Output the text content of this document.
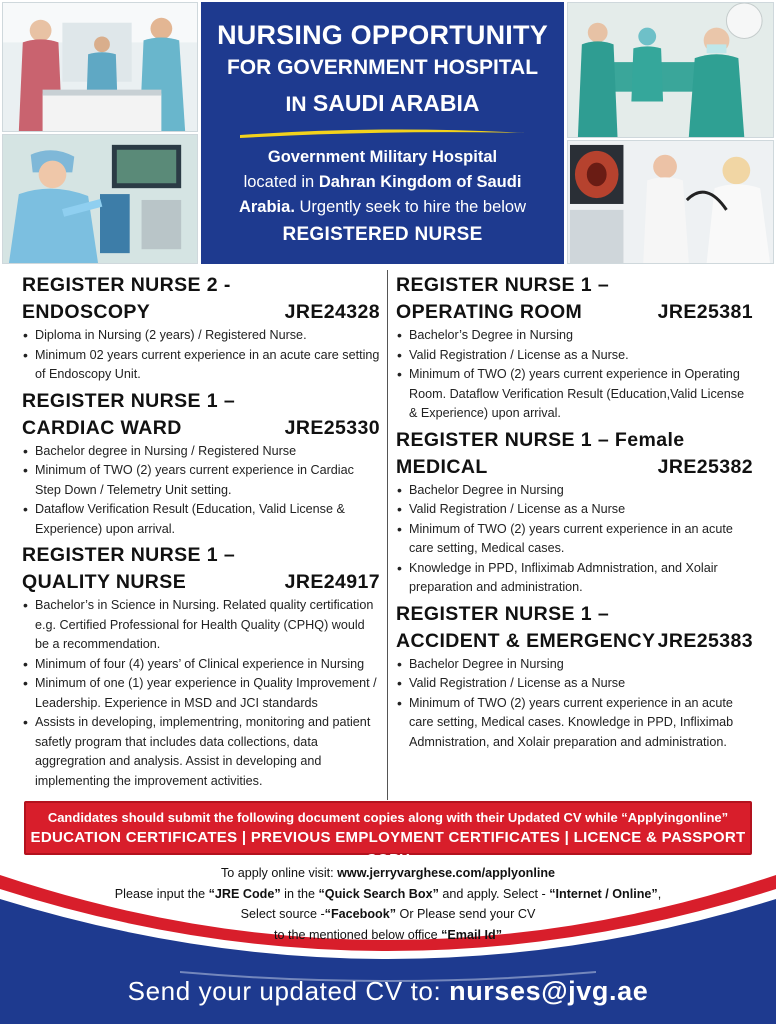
NURSING OPPORTUNITY
FOR GOVERNMENT HOSPITAL
IN SAUDI ARABIA
Government Military Hospital
located in Dahran Kingdom of Saudi
Arabia. Urgently seek to hire the below
REGISTERED NURSE
REGISTER NURSE 2 -
ENDOSCOPY	JRE24328
• Diploma in Nursing (2 years) / Registered Nurse.
• Minimum 02 years current experience in an acute care setting of Endoscopy Unit.
REGISTER NURSE 1 –
CARDIAC WARD	JRE25330
• Bachelor degree in Nursing / Registered Nurse
• Minimum of TWO (2) years current experience in Cardiac Step Down / Telemetry Unit setting.
• Dataflow Verification Result (Education, Valid License & Experience) upon arrival.
REGISTER NURSE 1 –
QUALITY NURSE	JRE24917
• Bachelor’s in Science in Nursing. Related quality certification e.g. Certified Professional for Health Quality (CPHQ) would be a recommendation.
• Minimum of four (4) years’ of Clinical experience in Nursing
• Minimum of one (1) year experience in Quality Improvement / Leadership. Experience in MSD and JCI standards
• Assists in developing, implementring, monitoring and patient safetly program that includes data collections, data aggregration and analysis. Assist in developing and implementing the improvement activities.
REGISTER NURSE 1 –
OPERATING ROOM	JRE25381
• Bachelor’s Degree in Nursing
• Valid Registration / License as a Nurse.
• Minimum of TWO (2) years current experience in Operating Room. Dataflow Verification Result (Education,Valid License & Experience) upon arrival.
REGISTER NURSE 1 – Female
MEDICAL	JRE25382
• Bachelor Degree in Nursing
• Valid Registration / License as a Nurse
• Minimum of TWO (2) years current experience in an acute care setting, Medical cases.
• Knowledge in PPD, Infliximab Admnistration, and Xolair preparation and administration.
REGISTER NURSE 1 –
ACCIDENT & EMERGENCY JRE25383
• Bachelor Degree in Nursing
• Valid Registration / License as a Nurse
• Minimum of TWO (2) years current experience in an acute care setting, Medical cases. Knowledge in PPD, Infliximab Admnistration, and Xolair preparation and administration.
Candidates should submit the following document copies along with their Updated CV while “Applyingonline”
EDUCATION CERTIFICATES | PREVIOUS EMPLOYMENT CERTIFICATES | LICENCE & PASSPORT COPY
To apply online visit: www.jerryvarghese.com/applyonline
Please input the “JRE Code” in the “Quick Search Box” and apply. Select - “Internet / Online”,
Select source -“Facebook” Or Please send your CV
to the mentioned below office “Email Id”
Send your updated CV to: nurses@jvg.ae
